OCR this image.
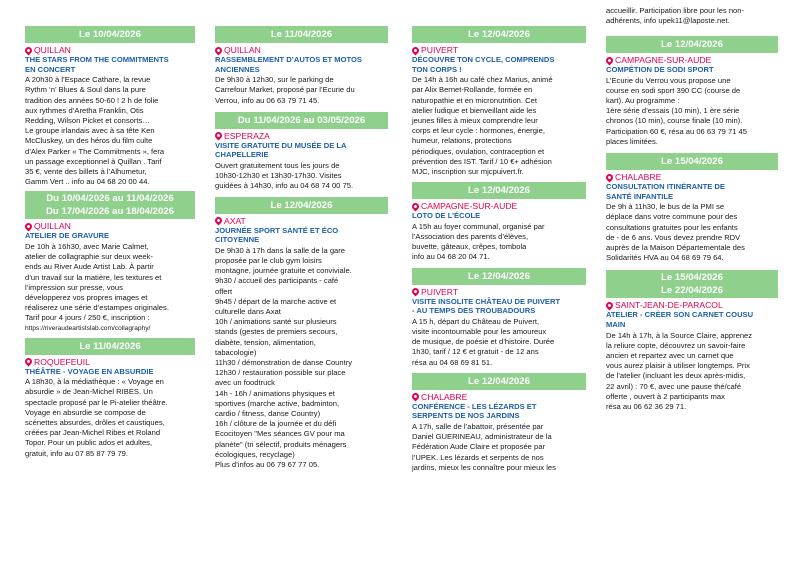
accueillir. Participation libre pour les non-
adhérents, info upek11@laposte.net.
Le 10/04/2026
QUILLAN
THE STARS FROM THE COMMITMENTS
EN CONCERT
A 20h30 à l’Espace Cathare, la revue
Rythm ‘n’ Blues & Soul dans la pure
tradition des années 50-60 ! 2 h de folie
aux rythmes d’Aretha Franklin, Otis
Redding, Wilson Picket et consorts…
Le groupe irlandais avec à sa tête Ken
McCluskey, un des héros du film culte
d’Alex Parker « The Commitments », fera
un passage exceptionnel à Quillan . Tarif
35 €, vente des billets à l’Alhumetur,
Gamm Vert .. info au 04 68 20 00 44.
Du 10/04/2026 au 11/04/2026
Du 17/04/2026 au 18/04/2026
QUILLAN
ATELIER DE GRAVURE
De 10h à 16h30, avec Marie Calmet,
atelier de collagraphie sur deux week-
ends au River Aude Artist Lab. À partir
d’un travail sur la matière, les textures et
l’impression sur presse, vous
développerez vos propres images et
réaliserez une série d’estampes originales.
Tarif pour 4 jours / 250 €, inscription :
https://riveraudeartistslab.com/collagraphy/
Le 11/04/2026
ROQUEFEUIL
THÉÂTRE - VOYAGE EN ABSURDIE
A 18h30, à la médiathèque : « Voyage en
absurdie » de Jean-Michel RIBES. Un
spectacle proposé par le Pi-atelier théâtre.
Voyage en absurdie se compose de
scénettes absurdes, drôles et caustiques,
créées par Jean-Michel Ribes et Roland
Topor. Pour un public ados et adultes,
gratuit, info au 07 85 87 79 79.
Le 11/04/2026
QUILLAN
RASSEMBLEMENT D’AUTOS ET MOTOS
ANCIENNES
De 9h30 à 12h30, sur le parking de
Carrefour Market, proposé par l’Ecurie du
Verrou, info au 06 63 79 71 45.
Du 11/04/2026 au 03/05/2026
ESPERAZA
VISITE GRATUITE DU MUSÉE DE LA
CHAPELLERIE
Ouvert gratuitement tous les jours de
10h30-12h30 et 13h30-17h30. Visites
guidées à 14h30, info au 04 68 74 00 75.
Le 12/04/2026
AXAT
JOURNÉE SPORT SANTÉ ET ÉCO
CITOYENNE
De 9h30 à 17h dans la salle de la gare
proposée par le club gym loisirs
montagne, journée gratuite et conviviale.
9h30 / accueil des participants - café
offert
9h45 / départ de la marche active et
culturelle dans Axat
10h / animations santé sur plusieurs
stands (gestes de premiers secours,
diabète, tension, alimentation,
tabacologie)
11h30 / démonstration de danse Country
12h30 / restauration possible sur place
avec un foodtruck
14h - 16h / animations physiques et
sportives (marche active, badminton,
cardio / fitness, danse Country)
16h / clôture de la journée et du défi
Ecocitoyen "Mes séances GV pour ma
planète" (tri sélectif, produits ménagers
écologiques, recyclage)
Plus d’infos au 06 79 67 77 05.
Le 12/04/2026
PUIVERT
DÉCOUVRE TON CYCLE, COMPRENDS
TON CORPS !
De 14h à 16h au café chez Marius, animé
par Alix Bernet-Rollande, formée en
naturopathie et en micronutrition. Cet
atelier ludique et bienveillant aide les
jeunes filles à mieux comprendre leur
corps et leur cycle : hormones, énergie,
humeur, relations, protections
périodiques, ovulation, contraception et
prévention des IST. Tarif / 10 €+ adhésion
MJC, inscription sur mjcpuivert.fr.
Le 12/04/2026
CAMPAGNE-SUR-AUDE
LOTO DE L’ÉCOLE
A 15h au foyer communal, organisé par
l’Association des parents d’élèves,
buvette, gâteaux, crêpes, tombola
info au 04 68 20 04 71.
Le 12/04/2026
PUIVERT
VISITE INSOLITE CHÂTEAU DE PUIVERT
- AU TEMPS DES TROUBADOURS
A 15 h, départ du Château de Puivert,
visite incontournable pour les amoureux
de musique, de poésie et d’histoire. Durée
1h30, tarif / 12 € et gratuit - de 12 ans
résa au 04 68 69 81 51.
Le 12/04/2026
CHALABRE
CONFÉRENCE - LES LÉZARDS ET
SERPENTS DE NOS JARDINS
A 17h, salle de l’abattoir, présentée par
Daniel GUERINEAU, administrateur de la
Fédération Aude Claire et proposée par
l’UPEK. Les lézards et serpents de nos
jardins, mieux les connaître pour mieux les
Le 12/04/2026
CAMPAGNE-SUR-AUDE
COMPÉTION DE SODI SPORT
L’Ecurie du Verrou vous propose une
course en sodi sport 390 CC (course de
kart). Au programme :
1ère série d’essais (10 min), 1 ère série
chronos (10 min), course finale (10 min).
Participation 60 €, résa au 06 63 79 71 45
places limitées.
Le 15/04/2026
CHALABRE
CONSULTATION ITINÉRANTE DE
SANTÉ INFANTILE
De 9h à 11h30, le bus de la PMI se
déplace dans votre commune pour des
consultations gratuites pour les enfants
de - de 6 ans. Vous devez prendre RDV
auprès de la Maison Départementale des
Solidarités HVA au 04 68 69 79 64.
Le 15/04/2026
Le 22/04/2026
SAINT-JEAN-DE-PARACOL
ATELIER - CRÉER SON CARNET COUSU
MAIN
De 14h à 17h, à la Source Claire, apprenez
la reliure copte, découvrez un savoir-faire
ancien et repartez avec un carnet que
vous aurez plaisir à utiliser longtemps. Prix
de l’atelier (incluant les deux après-midis,
22 avril) : 70 €, avec une pause thé/café
offerte , ouvert à 2 participants max
résa au 06 62 36 29 71.
